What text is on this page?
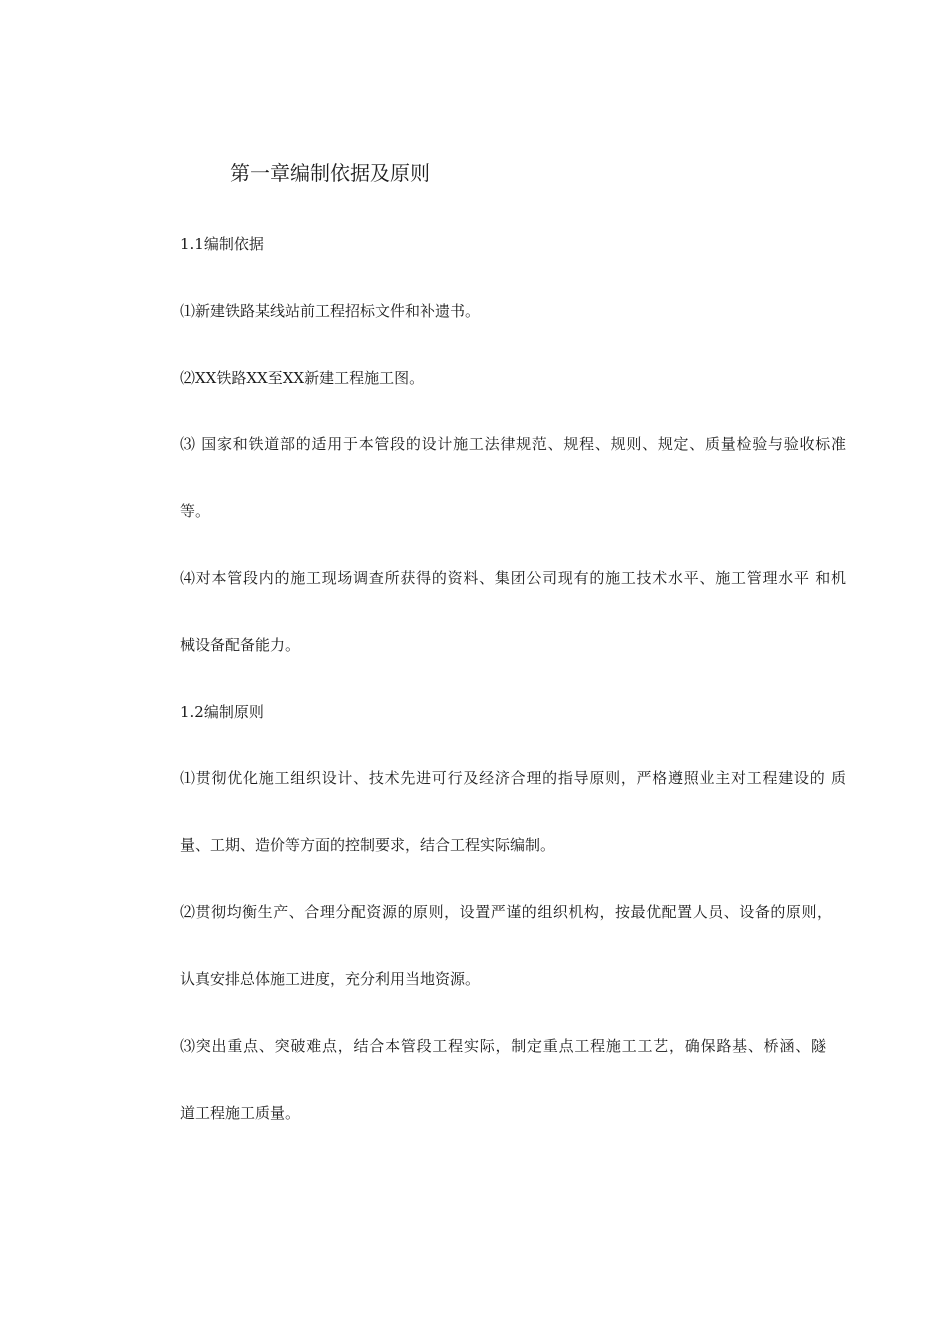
第一章编制依据及原则
1.1编制依据
⑴新建铁路某线站前工程招标文件和补遗书。
⑵XX铁路XX至XX新建工程施工图。
⑶ 国家和铁道部的适用于本管段的设计施工法律规范、规程、规则、规定、质量检验与验收标准
等。
⑷对本管段内的施工现场调查所获得的资料、集团公司现有的施工技术水平、施工管理水平 和机
械设备配备能力。
1.2编制原则
⑴贯彻优化施工组织设计、技术先进可行及经济合理的指导原则，严格遵照业主对工程建设的 质
量、工期、造价等方面的控制要求，结合工程实际编制。
⑵贯彻均衡生产、合理分配资源的原则，设置严谨的组织机构，按最优配置人员、设备的原则，
认真安排总体施工进度，充分利用当地资源。
⑶突出重点、突破难点，结合本管段工程实际，制定重点工程施工工艺，确保路基、桥涵、隧
道工程施工质量。
